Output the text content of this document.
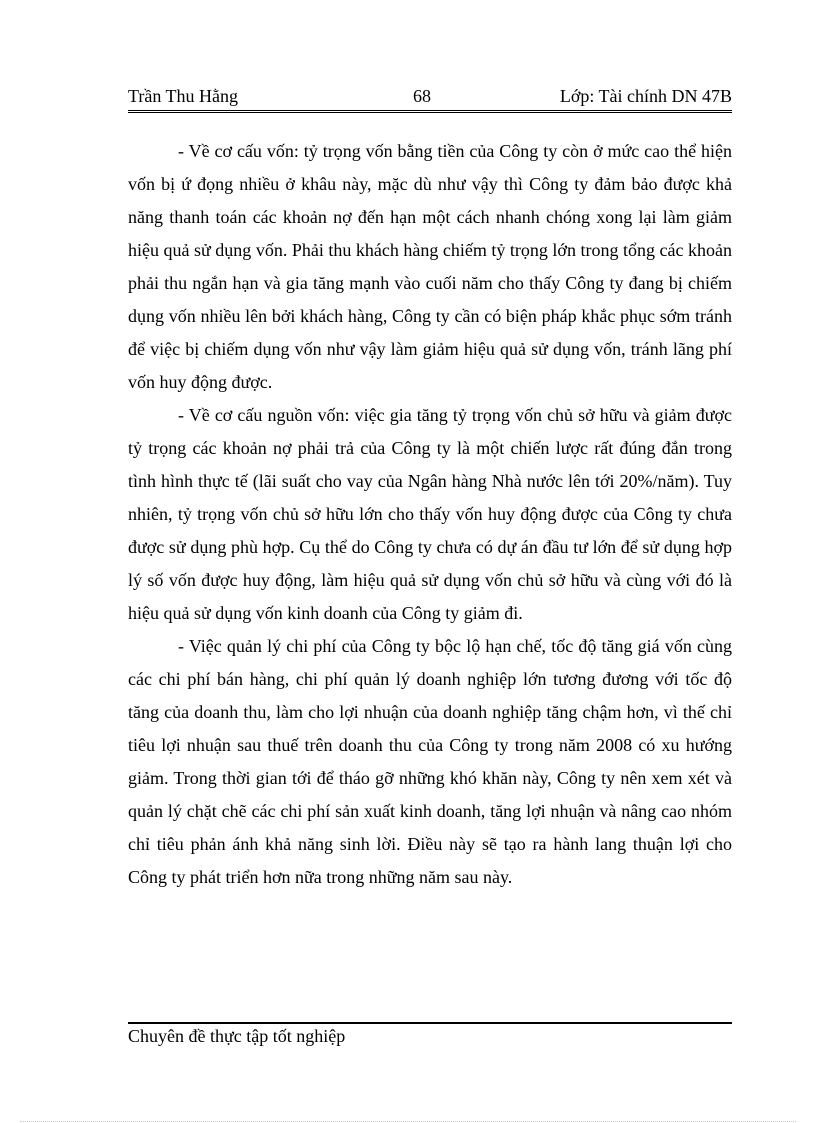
Trần Thu Hằng	68	Lớp: Tài chính DN 47B

- Về cơ cấu vốn: tỷ trọng vốn bằng tiền của Công ty còn ở mức cao thể hiện vốn bị ứ đọng nhiều ở khâu này, mặc dù như vậy thì Công ty đảm bảo được khả năng thanh toán các khoản nợ đến hạn một cách nhanh chóng xong lại làm giảm hiệu quả sử dụng vốn. Phải thu khách hàng chiếm tỷ trọng lớn trong tổng các khoản phải thu ngắn hạn và gia tăng mạnh vào cuối năm cho thấy Công ty đang bị chiếm dụng vốn nhiều lên bởi khách hàng, Công ty cần có biện pháp khắc phục sớm tránh để việc bị chiếm dụng vốn như vậy làm giảm hiệu quả sử dụng vốn, tránh lãng phí vốn huy động được.

- Về cơ cấu nguồn vốn: việc gia tăng tỷ trọng vốn chủ sở hữu và giảm được tỷ trọng các khoản nợ phải trả của Công ty là một chiến lược rất đúng đắn trong tình hình thực tế (lãi suất cho vay của Ngân hàng Nhà nước lên tới 20%/năm). Tuy nhiên, tỷ trọng vốn chủ sở hữu lớn cho thấy vốn huy động được của Công ty chưa được sử dụng phù hợp. Cụ thể do Công ty chưa có dự án đầu tư lớn để sử dụng hợp lý số vốn được huy động, làm hiệu quả sử dụng vốn chủ sở hữu và cùng với đó là hiệu quả sử dụng vốn kinh doanh của Công ty giảm đi.

- Việc quản lý chi phí của Công ty bộc lộ hạn chế, tốc độ tăng giá vốn cùng các chi phí bán hàng, chi phí quản lý doanh nghiệp lớn tương đương với tốc độ tăng của doanh thu, làm cho lợi nhuận của doanh nghiệp tăng chậm hơn, vì thế chỉ tiêu lợi nhuận sau thuế trên doanh thu của Công ty trong năm 2008 có xu hướng giảm. Trong thời gian tới để tháo gỡ những khó khăn này, Công ty nên xem xét và quản lý chặt chẽ các chi phí sản xuất kinh doanh, tăng lợi nhuận và nâng cao nhóm chỉ tiêu phản ánh khả năng sinh lời. Điều này sẽ tạo ra hành lang thuận lợi cho Công ty phát triển hơn nữa trong những năm sau này.

Chuyên đề thực tập tốt nghiệp
